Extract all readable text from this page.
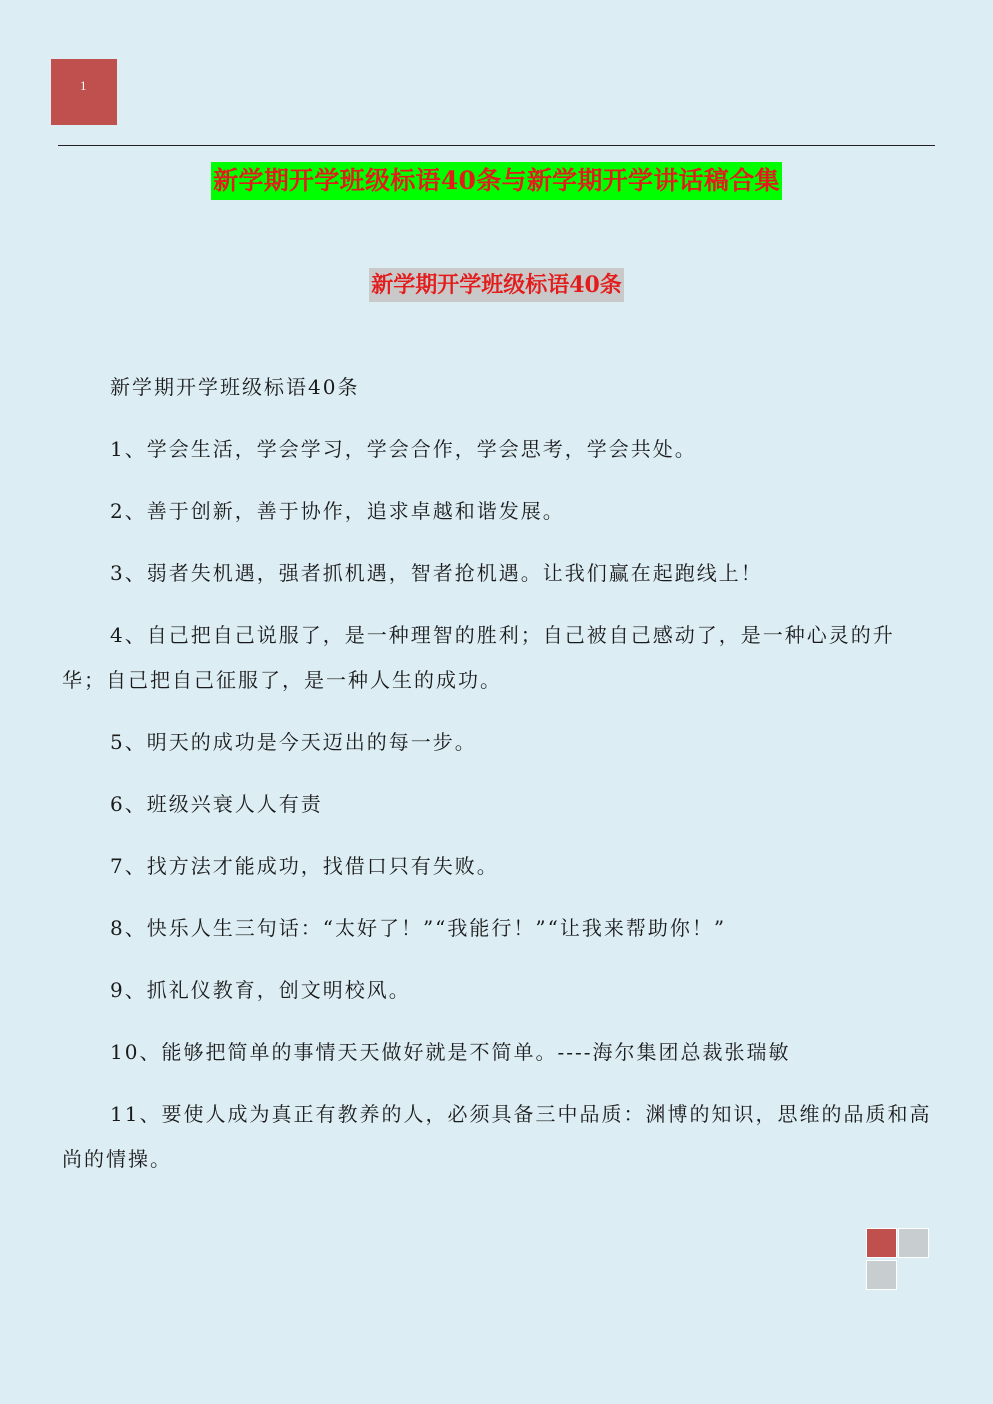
1
新学期开学班级标语40条与新学期开学讲话稿合集
新学期开学班级标语40条

新学期开学班级标语40条

1、学会生活，学会学习，学会合作，学会思考，学会共处。

2、善于创新，善于协作，追求卓越和谐发展。

3、弱者失机遇，强者抓机遇，智者抢机遇。让我们赢在起跑线上！

4、自己把自己说服了，是一种理智的胜利；自己被自己感动了，是一种心灵的升华；自己把自己征服了，是一种人生的成功。

5、明天的成功是今天迈出的每一步。

6、班级兴衰人人有责

7、找方法才能成功，找借口只有失败。

8、快乐人生三句话：“太好了！”“我能行！”“让我来帮助你！”

9、抓礼仪教育，创文明校风。

10、能够把简单的事情天天做好就是不简单。----海尔集团总裁张瑞敏

11、要使人成为真正有教养的人，必须具备三中品质：渊博的知识，思维的品质和高尚的情操。
